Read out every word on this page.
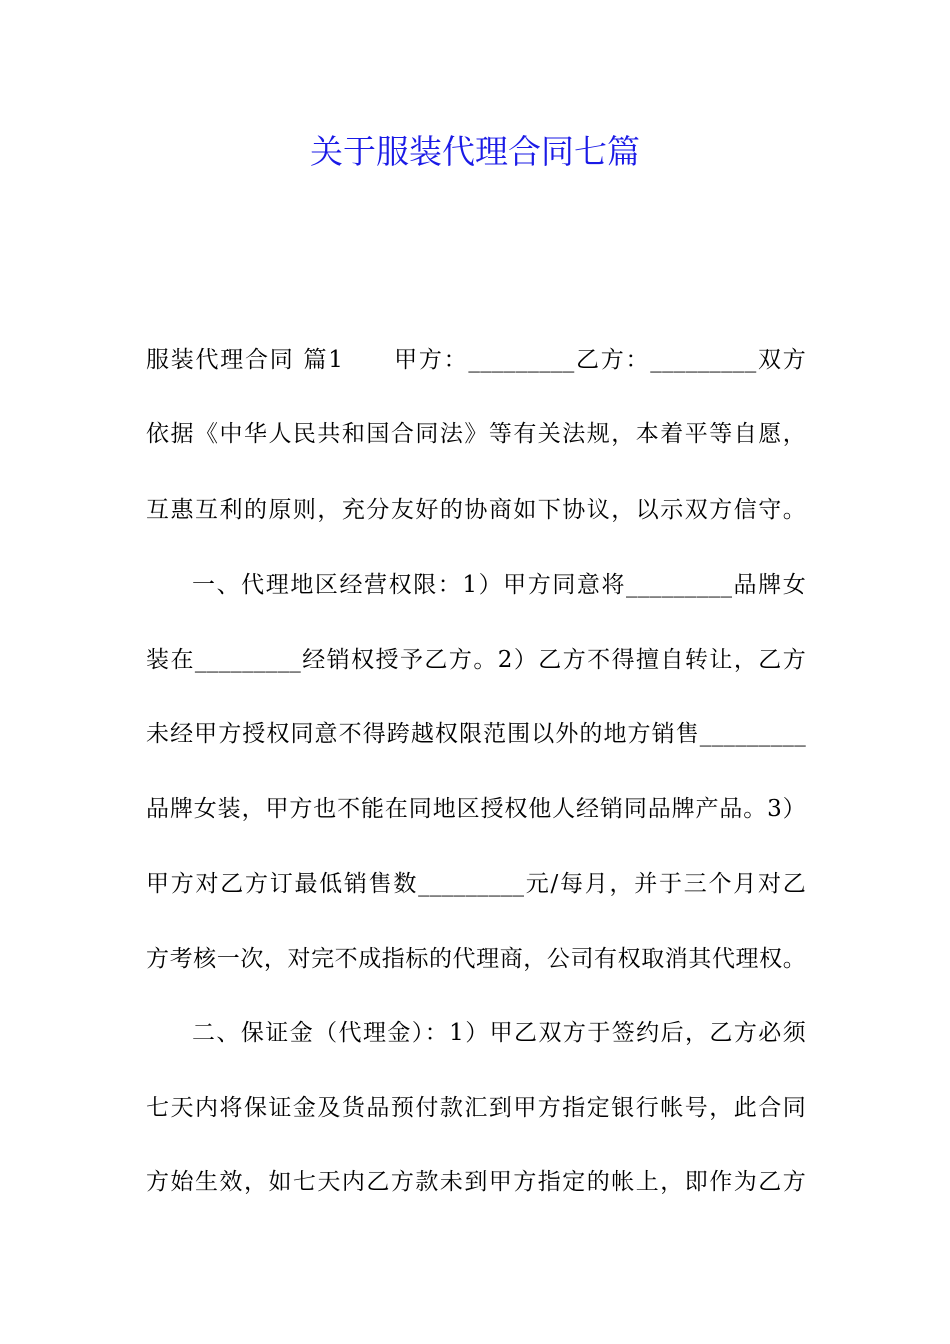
关于服装代理合同七篇
服装代理合同 篇1　　甲方：_________乙方：_________双方
依据《中华人民共和国合同法》等有关法规，本着平等自愿，
互惠互利的原则，充分友好的协商如下协议，以示双方信守。
一、代理地区经营权限：1）甲方同意将_________品牌女
装在_________经销权授予乙方。2）乙方不得擅自转让，乙方
未经甲方授权同意不得跨越权限范围以外的地方销售_________
品牌女装，甲方也不能在同地区授权他人经销同品牌产品。3）
甲方对乙方订最低销售数_________元/每月，并于三个月对乙
方考核一次，对完不成指标的代理商，公司有权取消其代理权。
二、保证金（代理金）：1）甲乙双方于签约后，乙方必须
七天内将保证金及货品预付款汇到甲方指定银行帐号，此合同
方始生效，如七天内乙方款未到甲方指定的帐上，即作为乙方
